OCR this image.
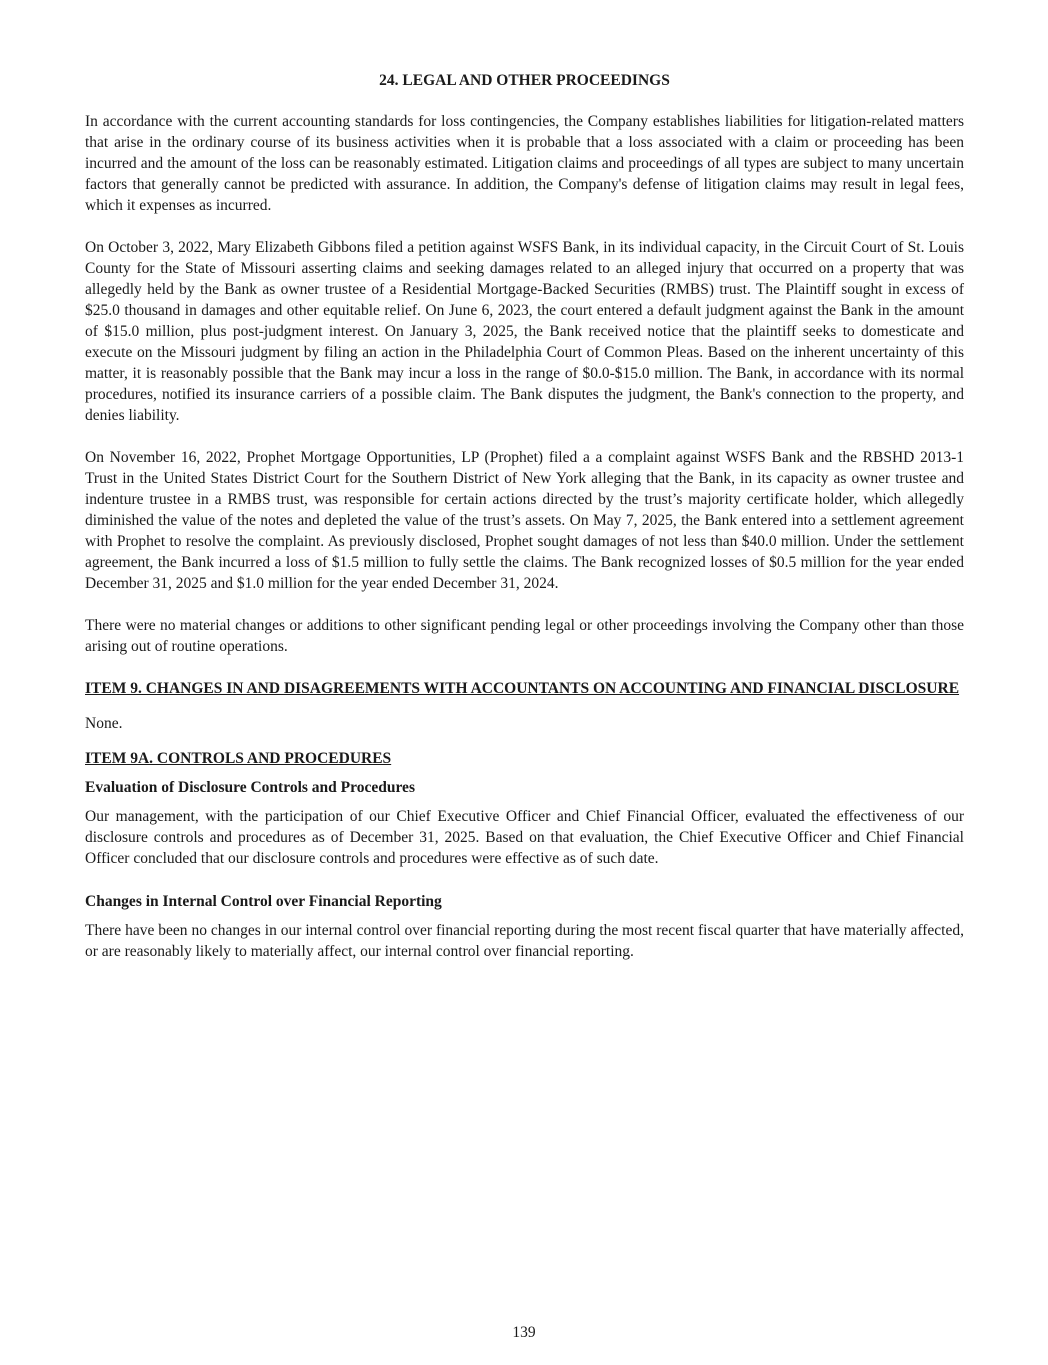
24. LEGAL AND OTHER PROCEEDINGS

In accordance with the current accounting standards for loss contingencies, the Company establishes liabilities for litigation-related matters that arise in the ordinary course of its business activities when it is probable that a loss associated with a claim or proceeding has been incurred and the amount of the loss can be reasonably estimated. Litigation claims and proceedings of all types are subject to many uncertain factors that generally cannot be predicted with assurance. In addition, the Company's defense of litigation claims may result in legal fees, which it expenses as incurred.

On October 3, 2022, Mary Elizabeth Gibbons filed a petition against WSFS Bank, in its individual capacity, in the Circuit Court of St. Louis County for the State of Missouri asserting claims and seeking damages related to an alleged injury that occurred on a property that was allegedly held by the Bank as owner trustee of a Residential Mortgage-Backed Securities (RMBS) trust. The Plaintiff sought in excess of $25.0 thousand in damages and other equitable relief. On June 6, 2023, the court entered a default judgment against the Bank in the amount of $15.0 million, plus post-judgment interest. On January 3, 2025, the Bank received notice that the plaintiff seeks to domesticate and execute on the Missouri judgment by filing an action in the Philadelphia Court of Common Pleas. Based on the inherent uncertainty of this matter, it is reasonably possible that the Bank may incur a loss in the range of $0.0-$15.0 million. The Bank, in accordance with its normal procedures, notified its insurance carriers of a possible claim. The Bank disputes the judgment, the Bank's connection to the property, and denies liability.

On November 16, 2022, Prophet Mortgage Opportunities, LP (Prophet) filed a a complaint against WSFS Bank and the RBSHD 2013-1 Trust in the United States District Court for the Southern District of New York alleging that the Bank, in its capacity as owner trustee and indenture trustee in a RMBS trust, was responsible for certain actions directed by the trust’s majority certificate holder, which allegedly diminished the value of the notes and depleted the value of the trust’s assets. On May 7, 2025, the Bank entered into a settlement agreement with Prophet to resolve the complaint. As previously disclosed, Prophet sought damages of not less than $40.0 million. Under the settlement agreement, the Bank incurred a loss of $1.5 million to fully settle the claims. The Bank recognized losses of $0.5 million for the year ended December 31, 2025 and $1.0 million for the year ended December 31, 2024.

There were no material changes or additions to other significant pending legal or other proceedings involving the Company other than those arising out of routine operations.

ITEM 9. CHANGES IN AND DISAGREEMENTS WITH ACCOUNTANTS ON ACCOUNTING AND FINANCIAL DISCLOSURE

None.

ITEM 9A. CONTROLS AND PROCEDURES
Evaluation of Disclosure Controls and Procedures

Our management, with the participation of our Chief Executive Officer and Chief Financial Officer, evaluated the effectiveness of our disclosure controls and procedures as of December 31, 2025. Based on that evaluation, the Chief Executive Officer and Chief Financial Officer concluded that our disclosure controls and procedures were effective as of such date.

Changes in Internal Control over Financial Reporting

There have been no changes in our internal control over financial reporting during the most recent fiscal quarter that have materially affected, or are reasonably likely to materially affect, our internal control over financial reporting.

139
